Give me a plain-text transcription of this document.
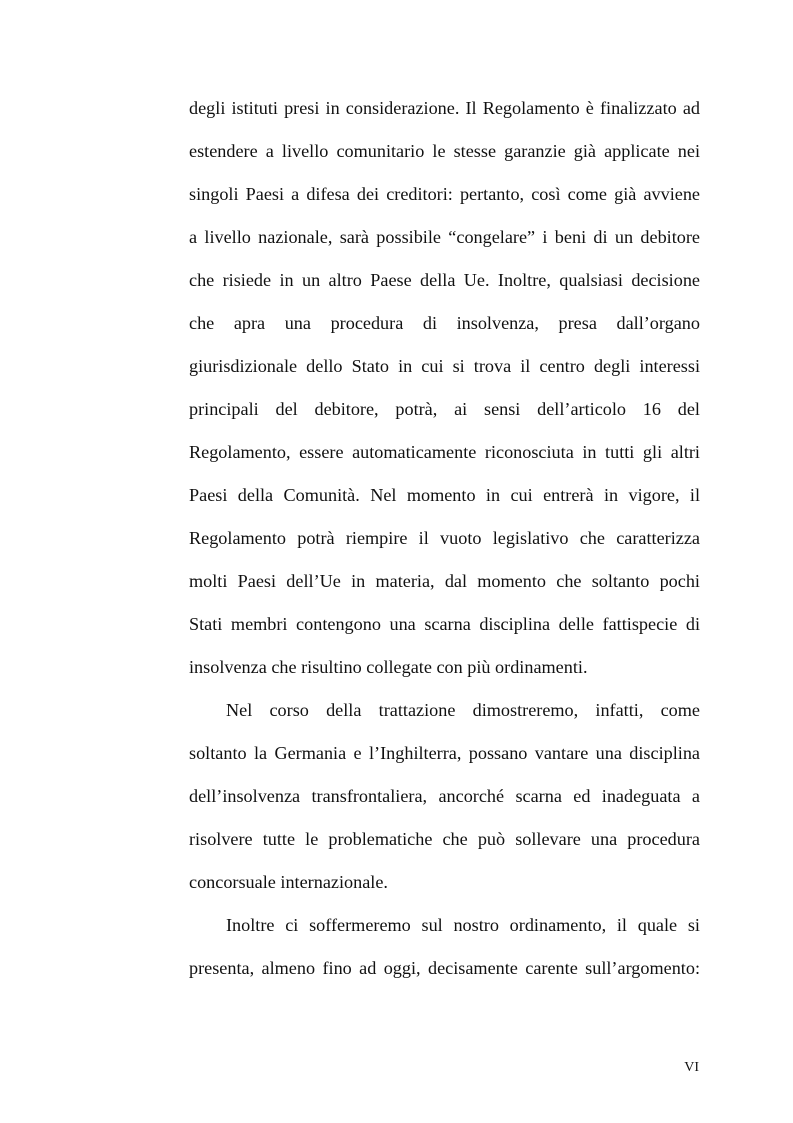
degli istituti presi in considerazione. Il Regolamento è finalizzato ad
estendere a livello comunitario le stesse garanzie già applicate nei
singoli Paesi a difesa dei creditori: pertanto, così come già avviene
a livello nazionale, sarà possibile “congelare” i beni di un debitore
che risiede in un altro Paese della Ue. Inoltre, qualsiasi decisione
che apra una procedura di insolvenza, presa dall’organo
giurisdizionale dello Stato in cui si trova il centro degli interessi
principali del debitore, potrà, ai sensi dell’articolo 16 del
Regolamento, essere automaticamente riconosciuta in tutti gli altri
Paesi della Comunità. Nel momento in cui entrerà in vigore, il
Regolamento potrà riempire il vuoto legislativo che caratterizza
molti Paesi dell’Ue in materia, dal momento che soltanto pochi
Stati membri contengono una scarna disciplina delle fattispecie di
insolvenza che risultino collegate con più ordinamenti.
Nel corso della trattazione dimostreremo, infatti, come
soltanto la Germania e l’Inghilterra, possano vantare una disciplina
dell’insolvenza transfrontaliera, ancorché scarna ed inadeguata a
risolvere tutte le problematiche che può sollevare una procedura
concorsuale internazionale.
Inoltre ci soffermeremo sul nostro ordinamento, il quale si
presenta, almeno fino ad oggi, decisamente carente sull’argomento:
VI
